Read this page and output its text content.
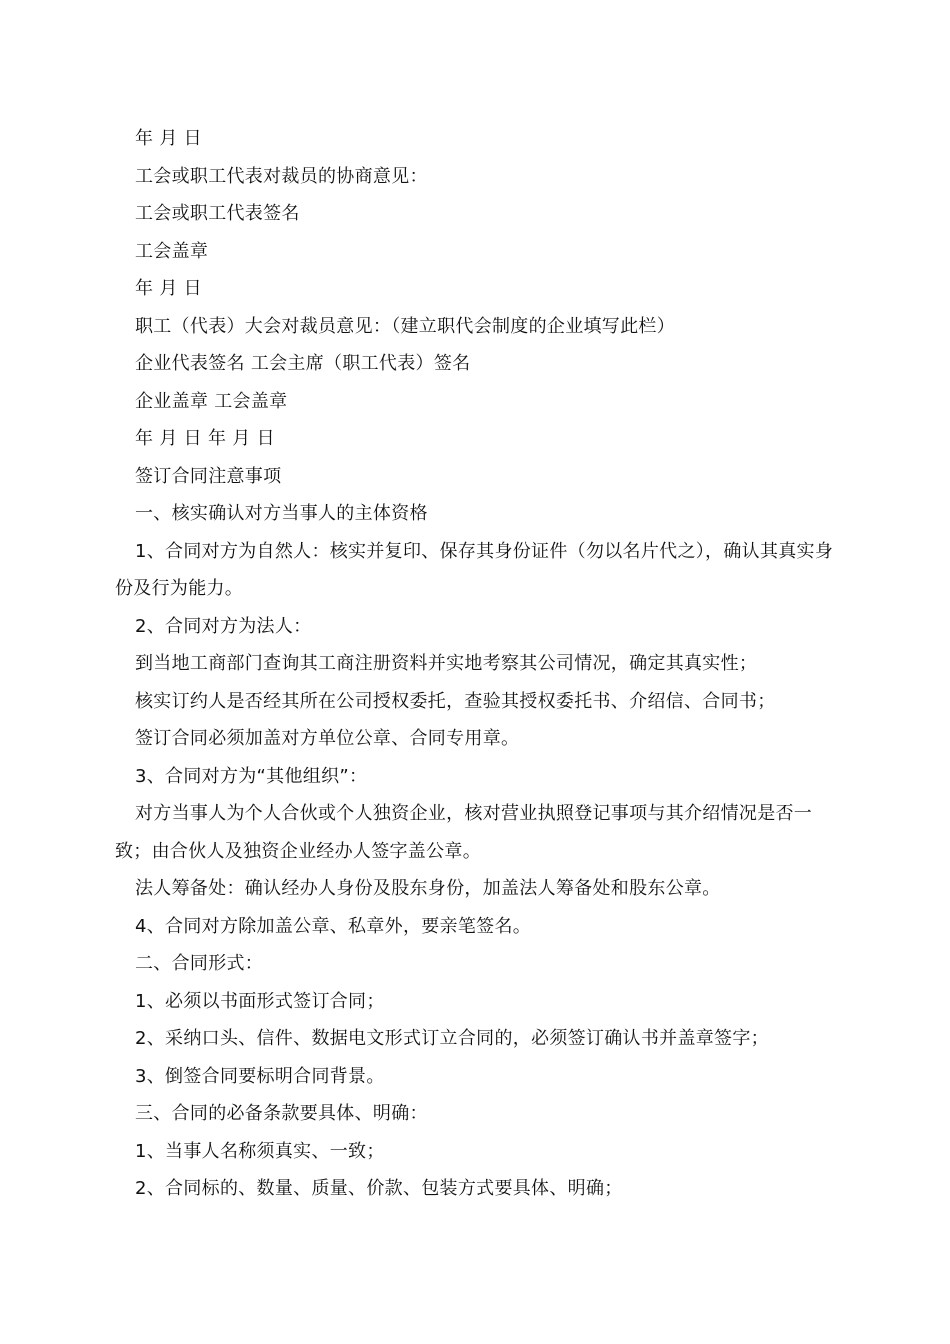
年 月 日

工会或职工代表对裁员的协商意见：

工会或职工代表签名

工会盖章

年 月 日

职工（代表）大会对裁员意见：（建立职代会制度的企业填写此栏）

企业代表签名 工会主席（职工代表）签名

企业盖章 工会盖章

年 月 日 年 月 日

签订合同注意事项

一、核实确认对方当事人的主体资格

1、合同对方为自然人：核实并复印、保存其身份证件（勿以名片代之），确认其真实身份及行为能力。

2、合同对方为法人：

到当地工商部门查询其工商注册资料并实地考察其公司情况，确定其真实性；

核实订约人是否经其所在公司授权委托，查验其授权委托书、介绍信、合同书；

签订合同必须加盖对方单位公章、合同专用章。

3、合同对方为“其他组织”：

对方当事人为个人合伙或个人独资企业，核对营业执照登记事项与其介绍情况是否一致；由合伙人及独资企业经办人签字盖公章。

法人筹备处：确认经办人身份及股东身份，加盖法人筹备处和股东公章。

4、合同对方除加盖公章、私章外，要亲笔签名。

二、合同形式：

1、必须以书面形式签订合同；

2、采纳口头、信件、数据电文形式订立合同的，必须签订确认书并盖章签字；

3、倒签合同要标明合同背景。

三、合同的必备条款要具体、明确：

1、当事人名称须真实、一致；

2、合同标的、数量、质量、价款、包装方式要具体、明确；
